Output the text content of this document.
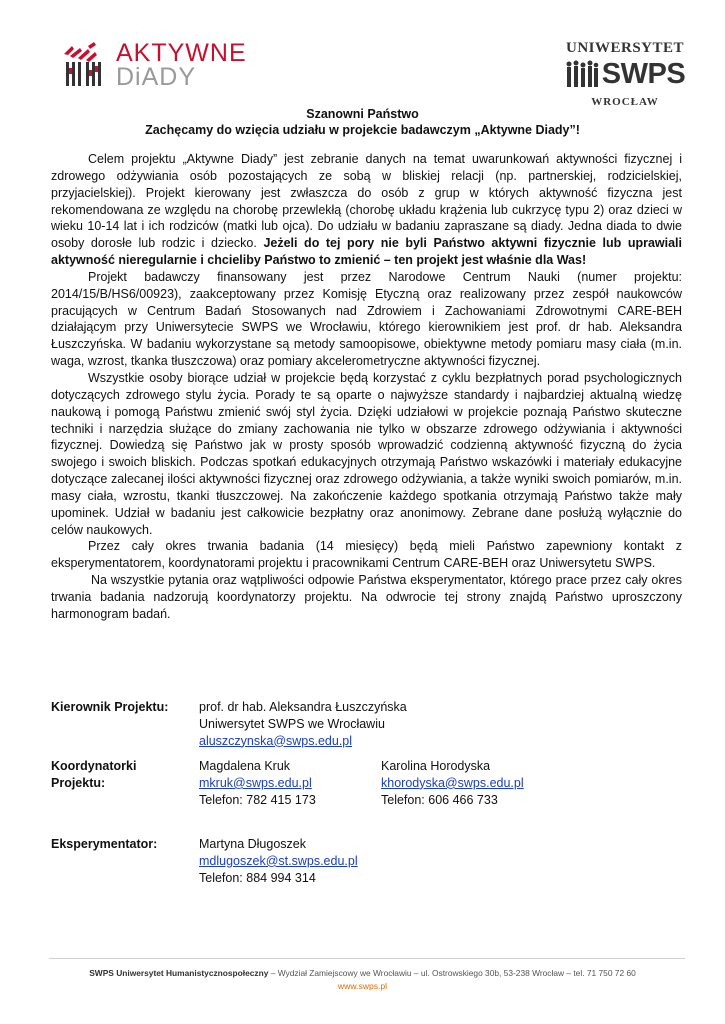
AKTYWNE
DiADY
UNIWERSYTET
SWPS
WROCŁAW
Szanowni Państwo
Zachęcamy do wzięcia udziału w projekcie badawczym „Aktywne Diady”!

Celem projektu „Aktywne Diady” jest zebranie danych na temat uwarunkowań aktywności fizycznej i zdrowego odżywiania osób pozostających ze sobą w bliskiej relacji (np. partnerskiej, rodzicielskiej, przyjacielskiej). Projekt kierowany jest zwłaszcza do osób z grup w których aktywność fizyczna jest rekomendowana ze względu na chorobę przewlekłą (chorobę układu krążenia lub cukrzycę typu 2) oraz dzieci w wieku 10-14 lat i ich rodziców (matki lub ojca). Do udziału w badaniu zapraszane są diady. Jedna diada to dwie osoby dorosłe lub rodzic i dziecko. Jeżeli do tej pory nie byli Państwo aktywni fizycznie lub uprawiali aktywność nieregularnie i chcieliby Państwo to zmienić – ten projekt jest właśnie dla Was!

Projekt badawczy finansowany jest przez Narodowe Centrum Nauki (numer projektu: 2014/15/B/HS6/00923), zaakceptowany przez Komisję Etyczną oraz realizowany przez zespół naukowców pracujących w Centrum Badań Stosowanych nad Zdrowiem i Zachowaniami Zdrowotnymi CARE-BEH działającym przy Uniwersytecie SWPS we Wrocławiu, którego kierownikiem jest prof. dr hab. Aleksandra Łuszczyńska. W badaniu wykorzystane są metody samoopisowe, obiektywne metody pomiaru masy ciała (m.in. waga, wzrost, tkanka tłuszczowa) oraz pomiary akcelerometryczne aktywności fizycznej.

Wszystkie osoby biorące udział w projekcie będą korzystać z cyklu bezpłatnych porad psychologicznych dotyczących zdrowego stylu życia. Porady te są oparte o najwyższe standardy i najbardziej aktualną wiedzę naukową i pomogą Państwu zmienić swój styl życia. Dzięki udziałowi w projekcie poznają Państwo skuteczne techniki i narzędzia służące do zmiany zachowania nie tylko w obszarze zdrowego odżywiania i aktywności fizycznej. Dowiedzą się Państwo jak w prosty sposób wprowadzić codzienną aktywność fizyczną do życia swojego i swoich bliskich. Podczas spotkań edukacyjnych otrzymają Państwo wskazówki i materiały edukacyjne dotyczące zalecanej ilości aktywności fizycznej oraz zdrowego odżywiania, a także wyniki swoich pomiarów, m.in. masy ciała, wzrostu, tkanki tłuszczowej. Na zakończenie każdego spotkania otrzymają Państwo także mały upominek. Udział w badaniu jest całkowicie bezpłatny oraz anonimowy. Zebrane dane posłużą wyłącznie do celów naukowych.

Przez cały okres trwania badania (14 miesięcy) będą mieli Państwo zapewniony kontakt z eksperymentatorem, koordynatorami projektu i pracownikami Centrum CARE-BEH oraz Uniwersytetu SWPS.

Na wszystkie pytania oraz wątpliwości odpowie Państwa eksperymentator, którego prace przez cały okres trwania badania nadzorują koordynatorzy projektu. Na odwrocie tej strony znajdą Państwo uproszczony harmonogram badań.

Kierownik Projektu:	prof. dr hab. Aleksandra Łuszczyńska
Uniwersytet SWPS we Wrocławiu
aluszczynska@swps.edu.pl
Koordynatorki
Projektu:
Magdalena Kruk
mkruk@swps.edu.pl
Telefon: 782 415 173
Karolina Horodyska
khorodyska@swps.edu.pl
Telefon: 606 466 733
Eksperymentator:	Martyna Długoszek
mdlugoszek@st.swps.edu.pl
Telefon: 884 994 314
SWPS Uniwersytet Humanistycznospołeczny – Wydział Zamiejscowy we Wrocławiu – ul. Ostrowskiego 30b, 53-238 Wrocław – tel. 71 750 72 60
www.swps.pl
